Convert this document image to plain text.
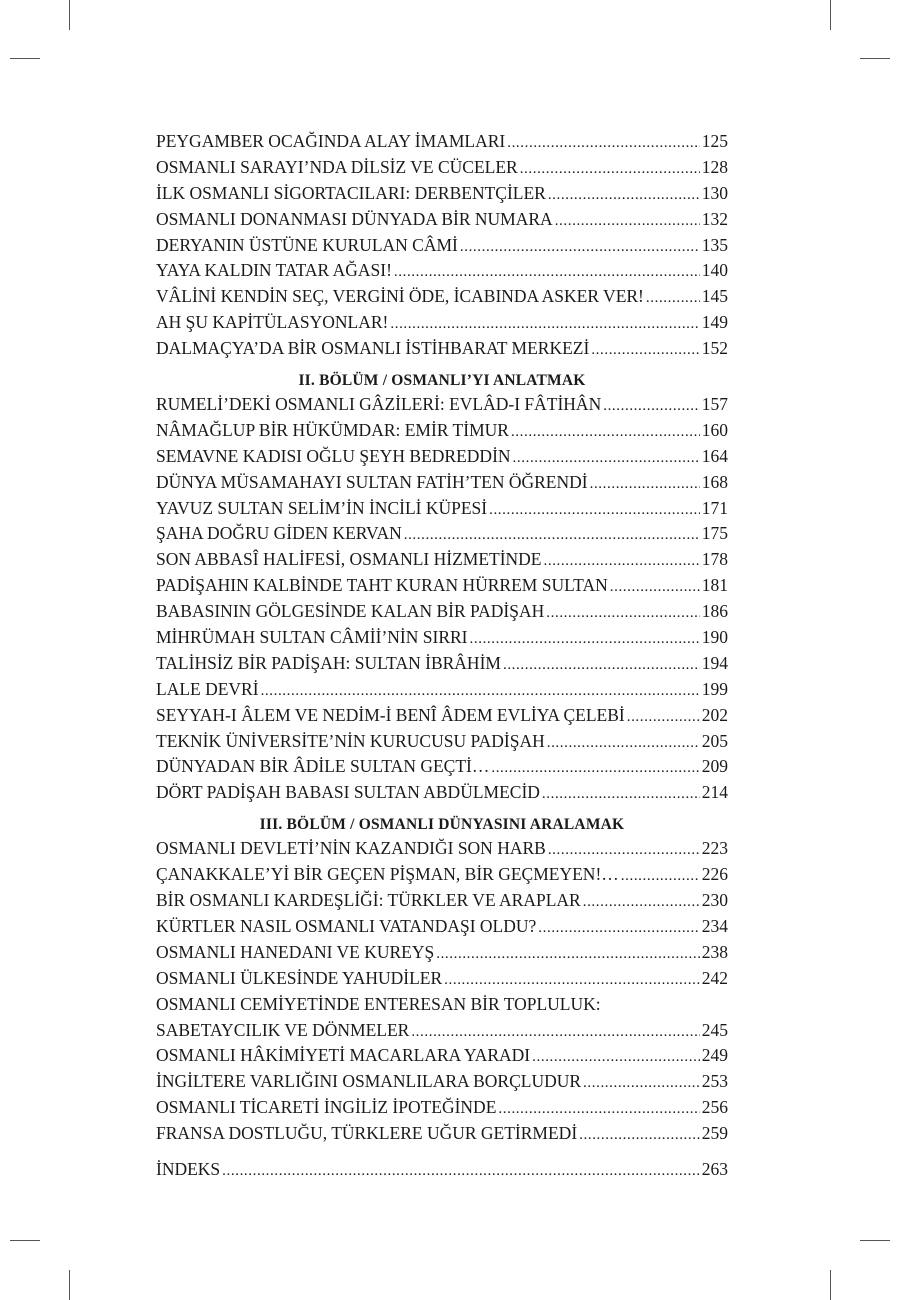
PEYGAMBER OCAĞINDA ALAY İMAMLARI .....	125
OSMANLI SARAYI’NDA DİLSİZ VE CÜCELER .....	128
İLK OSMANLI SİGORTACILARI: DERBENTÇİLER .....	130
OSMANLI DONANMASI DÜNYADA BİR NUMARA .....	132
DERYANIN ÜSTÜNE KURULAN CÂMİ .....	135
YAYA KALDIN TATAR AĞASI! .....	140
VÂLİNİ KENDİN SEÇ, VERGİNİ ÖDE, İCABINDA ASKER VER! .....	145
AH ŞU KAPİTÜLASYONLAR! .....	149
DALMAÇYA’DA BİR OSMANLI İSTİHBARAT MERKEZİ .....	152
II. BÖLÜM / OSMANLI’YI ANLATMAK
RUMELİ’DEKİ OSMANLI GÂZİLERİ: EVLÂD-I FÂTİHÂN .....	157
NÂMAĞLUP BİR HÜKÜMDAR: EMİR TİMUR .....	160
SEMAVNE KADISI OĞLU ŞEYH BEDREDDİN .....	164
DÜNYA MÜSAMAHAYI SULTAN FATİH’TEN ÖĞRENDİ .....	168
YAVUZ SULTAN SELİM’İN İNCİLİ KÜPESİ .....	171
ŞAHA DOĞRU GİDEN KERVAN .....	175
SON ABBASÎ HALİFESİ, OSMANLI HİZMETİNDE .....	178
PADİŞAHIN KALBİNDE TAHT KURAN HÜRREM SULTAN .....	181
BABASININ GÖLGESİNDE KALAN BİR PADİŞAH .....	186
MİHRÜMAH SULTAN CÂMİİ’NİN SIRRI .....	190
TALİHSİZ BİR PADİŞAH: SULTAN İBRÂHİM .....	194
LALE DEVRİ .....	199
SEYYAH-I ÂLEM VE NEDİM-İ BENÎ ÂDEM EVLİYA ÇELEBİ .....	202
TEKNİK ÜNİVERSİTE’NİN KURUCUSU PADİŞAH .....	205
DÜNYADAN BİR ÂDİLE SULTAN GEÇTİ… .....	209
DÖRT PADİŞAH BABASI SULTAN ABDÜLMECİD .....	214
III. BÖLÜM / OSMANLI DÜNYASINI ARALAMAK
OSMANLI DEVLETİ’NİN KAZANDIĞI SON HARB .....	223
ÇANAKKALE’Yİ BİR GEÇEN PİŞMAN, BİR GEÇMEYEN!… .....	226
BİR OSMANLI KARDEŞLİĞİ: TÜRKLER VE ARAPLAR .....	230
KÜRTLER NASIL OSMANLI VATANDAŞI OLDU? .....	234
OSMANLI HANEDANI VE KUREYŞ .....	238
OSMANLI ÜLKESİNDE YAHUDİLER .....	242
OSMANLI CEMİYETİNDE ENTERESAN BİR TOPLULUK:
SABETAYCILIK VE DÖNMELER .....	245
OSMANLI HÂKİMİYETİ MACARLARA YARADI .....	249
İNGİLTERE VARLIĞINI OSMANLILARA BORÇLUDUR .....	253
OSMANLI TİCARETİ İNGİLİZ İPOTEĞİNDE .....	256
FRANSA DOSTLUĞU, TÜRKLERE UĞUR GETİRMEDİ .....	259
İNDEKS .....	263
